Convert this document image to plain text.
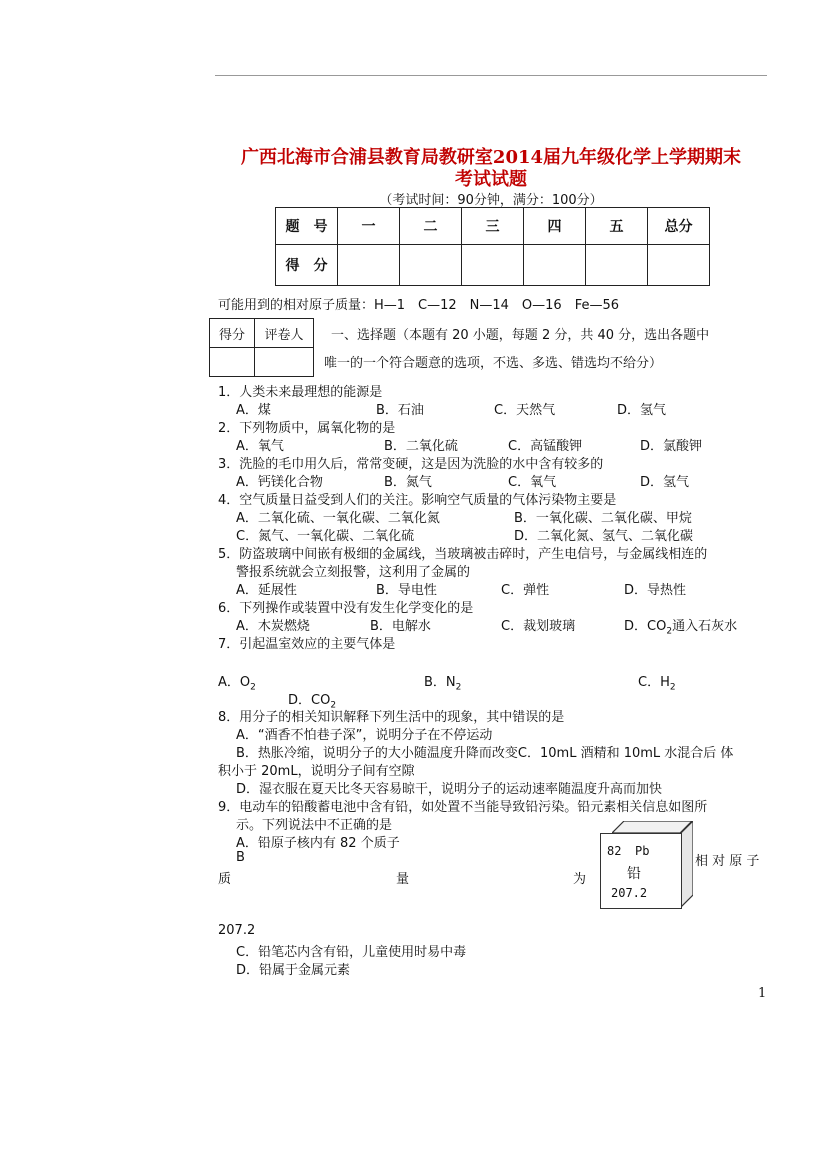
广西北海市合浦县教育局教研室2014届九年级化学上学期期末
考试试题
（考试时间：90分钟，满分：100分）
题　号	一	二	三	四	五	总分
得　分						
可能用到的相对原子质量：H—1　C—12　N—14　O—16　Fe—56
得分	评卷人
	一、选择题（本题有 20 小题，每题 2 分，共 40 分，选出各题中
唯一的一个符合题意的选项，不选、多选、错选均不给分）
1．人类未来最理想的能源是
A．煤	B．石油	C．天然气	D．氢气
2．下列物质中，属氧化物的是
A．氧气	B．二氧化硫	C．高锰酸钾	D．氯酸钾
3．洗脸的毛巾用久后，常常变硬，这是因为洗脸的水中含有较多的
A．钙镁化合物	B．氮气	C．氧气	D．氢气
4．空气质量日益受到人们的关注。影响空气质量的气体污染物主要是
A．二氧化硫、一氧化碳、二氧化氮	B．一氧化碳、二氧化碳、甲烷
C．氮气、一氧化碳、二氧化硫	D．二氧化氮、氢气、二氧化碳
5．防盗玻璃中间嵌有极细的金属线，当玻璃被击碎时，产生电信号，与金属线相连的
警报系统就会立刻报警，这利用了金属的
A．延展性	B．导电性	C．弹性	D．导热性
6．下列操作或装置中没有发生化学变化的是
A．木炭燃烧	B．电解水	C．裁划玻璃	D．$CO_2$通入石灰水
7．引起温室效应的主要气体是
A．$O_2$	B．$N_2$	C．$H_2$
D．$CO_2$
8．用分子的相关知识解释下列生活中的现象，其中错误的是
A．“酒香不怕巷子深”，说明分子在不停运动
B．热胀冷缩，说明分子的大小随温度升降而改变C．10mL 酒精和 10mL 水混合后 体
积小于 20mL，说明分子间有空隙
D．湿衣服在夏天比冬天容易晾干，说明分子的运动速率随温度升高而加快
9．电动车的铅酸蓄电池中含有铅，如处置不当能导致铅污染。铅元素相关信息如图所
示。下列说法中不正确的是
A．铅原子核内有 82 个质子
B
质	量	为
相 对 原 子
207.2
C．铅笔芯内含有铅，儿童使用时易中毒
D．铅属于金属元素
82 Pb
铅
207.2
1
